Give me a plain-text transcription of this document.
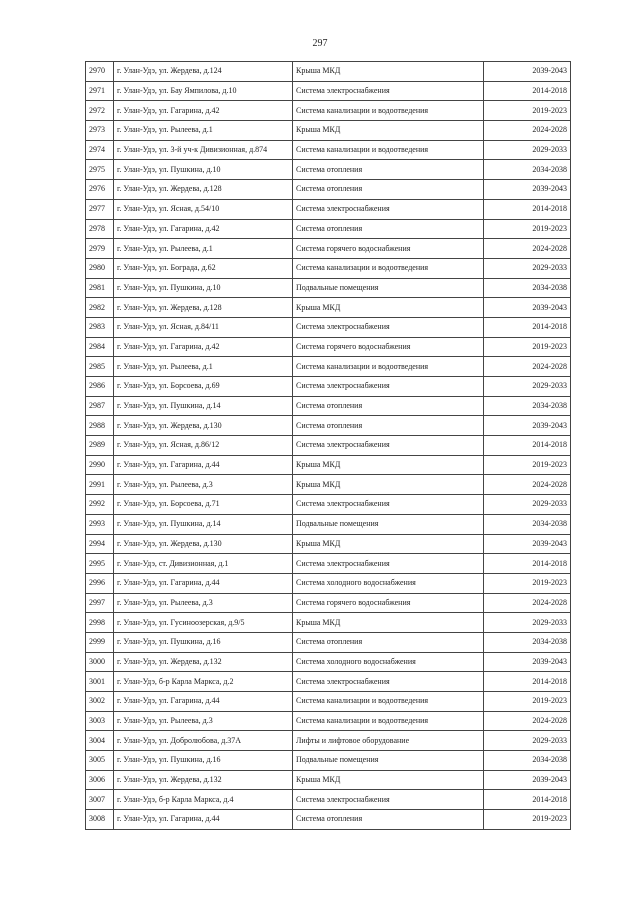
297
2970	г. Улан-Удэ, ул. Жердева, д.124	Крыша МКД	2039-2043
2971	г. Улан-Удэ, ул. Бау Ямпилова, д.10	Система электроснабжения	2014-2018
2972	г. Улан-Удэ, ул. Гагарина, д.42	Система канализации и водоотведения	2019-2023
2973	г. Улан-Удэ, ул. Рылеева, д.1	Крыша МКД	2024-2028
2974	г. Улан-Удэ, ул. 3-й уч-к Дивизионная, д.874	Система канализации и водоотведения	2029-2033
2975	г. Улан-Удэ, ул. Пушкина, д.10	Система отопления	2034-2038
2976	г. Улан-Удэ, ул. Жердева, д.128	Система отопления	2039-2043
2977	г. Улан-Удэ, ул. Ясная, д.54/10	Система электроснабжения	2014-2018
2978	г. Улан-Удэ, ул. Гагарина, д.42	Система отопления	2019-2023
2979	г. Улан-Удэ, ул. Рылеева, д.1	Система горячего водоснабжения	2024-2028
2980	г. Улан-Удэ, ул. Бограда, д.62	Система канализации и водоотведения	2029-2033
2981	г. Улан-Удэ, ул. Пушкина, д.10	Подвальные помещения	2034-2038
2982	г. Улан-Удэ, ул. Жердева, д.128	Крыша МКД	2039-2043
2983	г. Улан-Удэ, ул. Ясная, д.84/11	Система электроснабжения	2014-2018
2984	г. Улан-Удэ, ул. Гагарина, д.42	Система горячего водоснабжения	2019-2023
2985	г. Улан-Удэ, ул. Рылеева, д.1	Система канализации и водоотведения	2024-2028
2986	г. Улан-Удэ, ул. Борсоева, д.69	Система электроснабжения	2029-2033
2987	г. Улан-Удэ, ул. Пушкина, д.14	Система отопления	2034-2038
2988	г. Улан-Удэ, ул. Жердева, д.130	Система отопления	2039-2043
2989	г. Улан-Удэ, ул. Ясная, д.86/12	Система электроснабжения	2014-2018
2990	г. Улан-Удэ, ул. Гагарина, д.44	Крыша МКД	2019-2023
2991	г. Улан-Удэ, ул. Рылеева, д.3	Крыша МКД	2024-2028
2992	г. Улан-Удэ, ул. Борсоева, д.71	Система электроснабжения	2029-2033
2993	г. Улан-Удэ, ул. Пушкина, д.14	Подвальные помещения	2034-2038
2994	г. Улан-Удэ, ул. Жердева, д.130	Крыша МКД	2039-2043
2995	г. Улан-Удэ, ст. Дивизионная, д.1	Система электроснабжения	2014-2018
2996	г. Улан-Удэ, ул. Гагарина, д.44	Система холодного водоснабжения	2019-2023
2997	г. Улан-Удэ, ул. Рылеева, д.3	Система горячего водоснабжения	2024-2028
2998	г. Улан-Удэ, ул. Гусиноозерская, д.9/5	Крыша МКД	2029-2033
2999	г. Улан-Удэ, ул. Пушкина, д.16	Система отопления	2034-2038
3000	г. Улан-Удэ, ул. Жердева, д.132	Система холодного водоснабжения	2039-2043
3001	г. Улан-Удэ, б-р Карла Маркса, д.2	Система электроснабжения	2014-2018
3002	г. Улан-Удэ, ул. Гагарина, д.44	Система канализации и водоотведения	2019-2023
3003	г. Улан-Удэ, ул. Рылеева, д.3	Система канализации и водоотведения	2024-2028
3004	г. Улан-Удэ, ул. Добролюбова, д.37А	Лифты и лифтовое оборудование	2029-2033
3005	г. Улан-Удэ, ул. Пушкина, д.16	Подвальные помещения	2034-2038
3006	г. Улан-Удэ, ул. Жердева, д.132	Крыша МКД	2039-2043
3007	г. Улан-Удэ, б-р Карла Маркса, д.4	Система электроснабжения	2014-2018
3008	г. Улан-Удэ, ул. Гагарина, д.44	Система отопления	2019-2023
